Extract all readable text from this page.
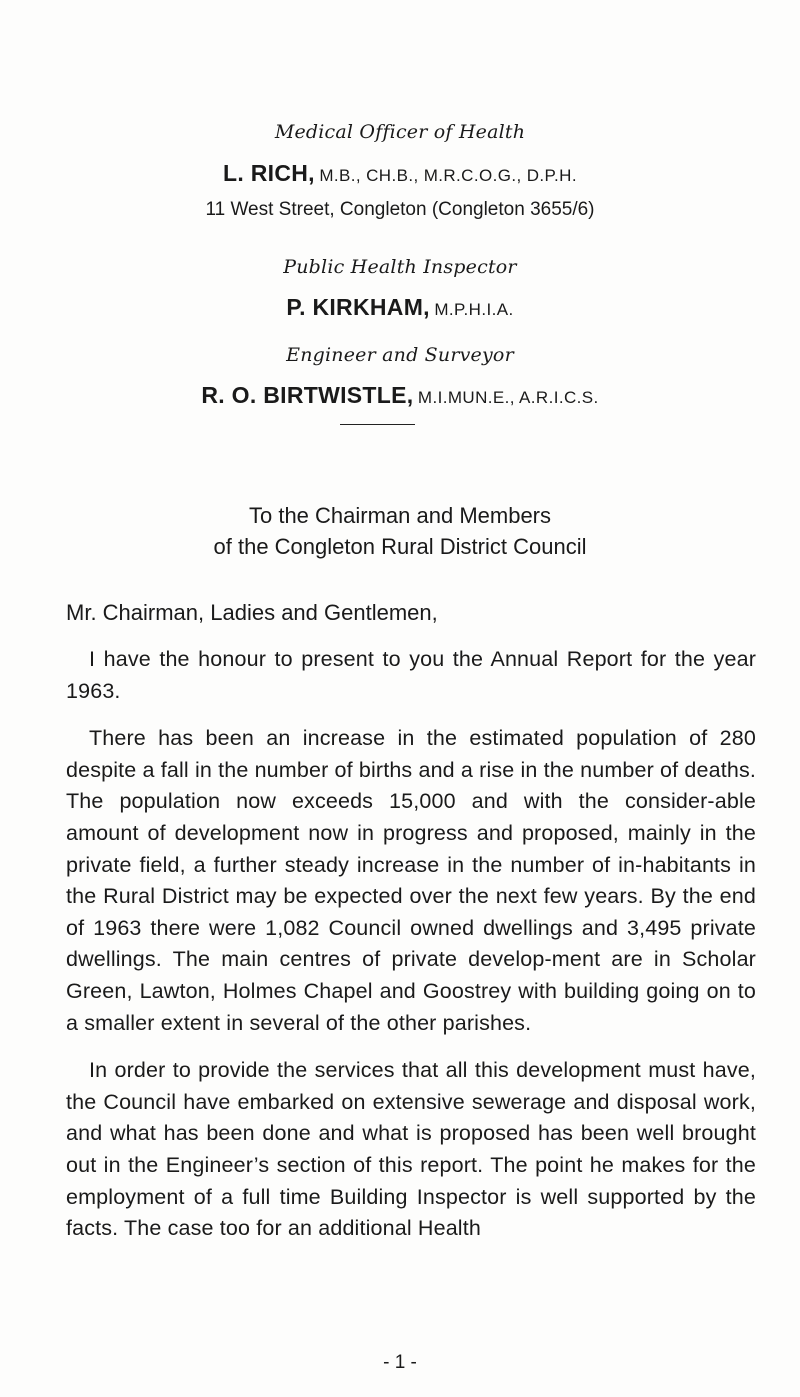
Medical Officer of Health
L. RICH, M.B., CH.B., M.R.C.O.G., D.P.H.
11 West Street, Congleton (Congleton 3655/6)
Public Health Inspector
P. KIRKHAM, M.P.H.I.A.
Engineer and Surveyor
R. O. BIRTWISTLE, M.I.MUN.E., A.R.I.C.S.
To the Chairman and Members
of the Congleton Rural District Council
Mr. Chairman, Ladies and Gentlemen,

I have the honour to present to you the Annual Report for the year 1963.

There has been an increase in the estimated population of 280 despite a fall in the number of births and a rise in the number of deaths. The population now exceeds 15,000 and with the consider-able amount of development now in progress and proposed, mainly in the private field, a further steady increase in the number of in-habitants in the Rural District may be expected over the next few years. By the end of 1963 there were 1,082 Council owned dwellings and 3,495 private dwellings. The main centres of private develop-ment are in Scholar Green, Lawton, Holmes Chapel and Goostrey with building going on to a smaller extent in several of the other parishes.

In order to provide the services that all this development must have, the Council have embarked on extensive sewerage and disposal work, and what has been done and what is proposed has been well brought out in the Engineer’s section of this report. The point he makes for the employment of a full time Building Inspector is well supported by the facts. The case too for an additional Health

- 1 -
